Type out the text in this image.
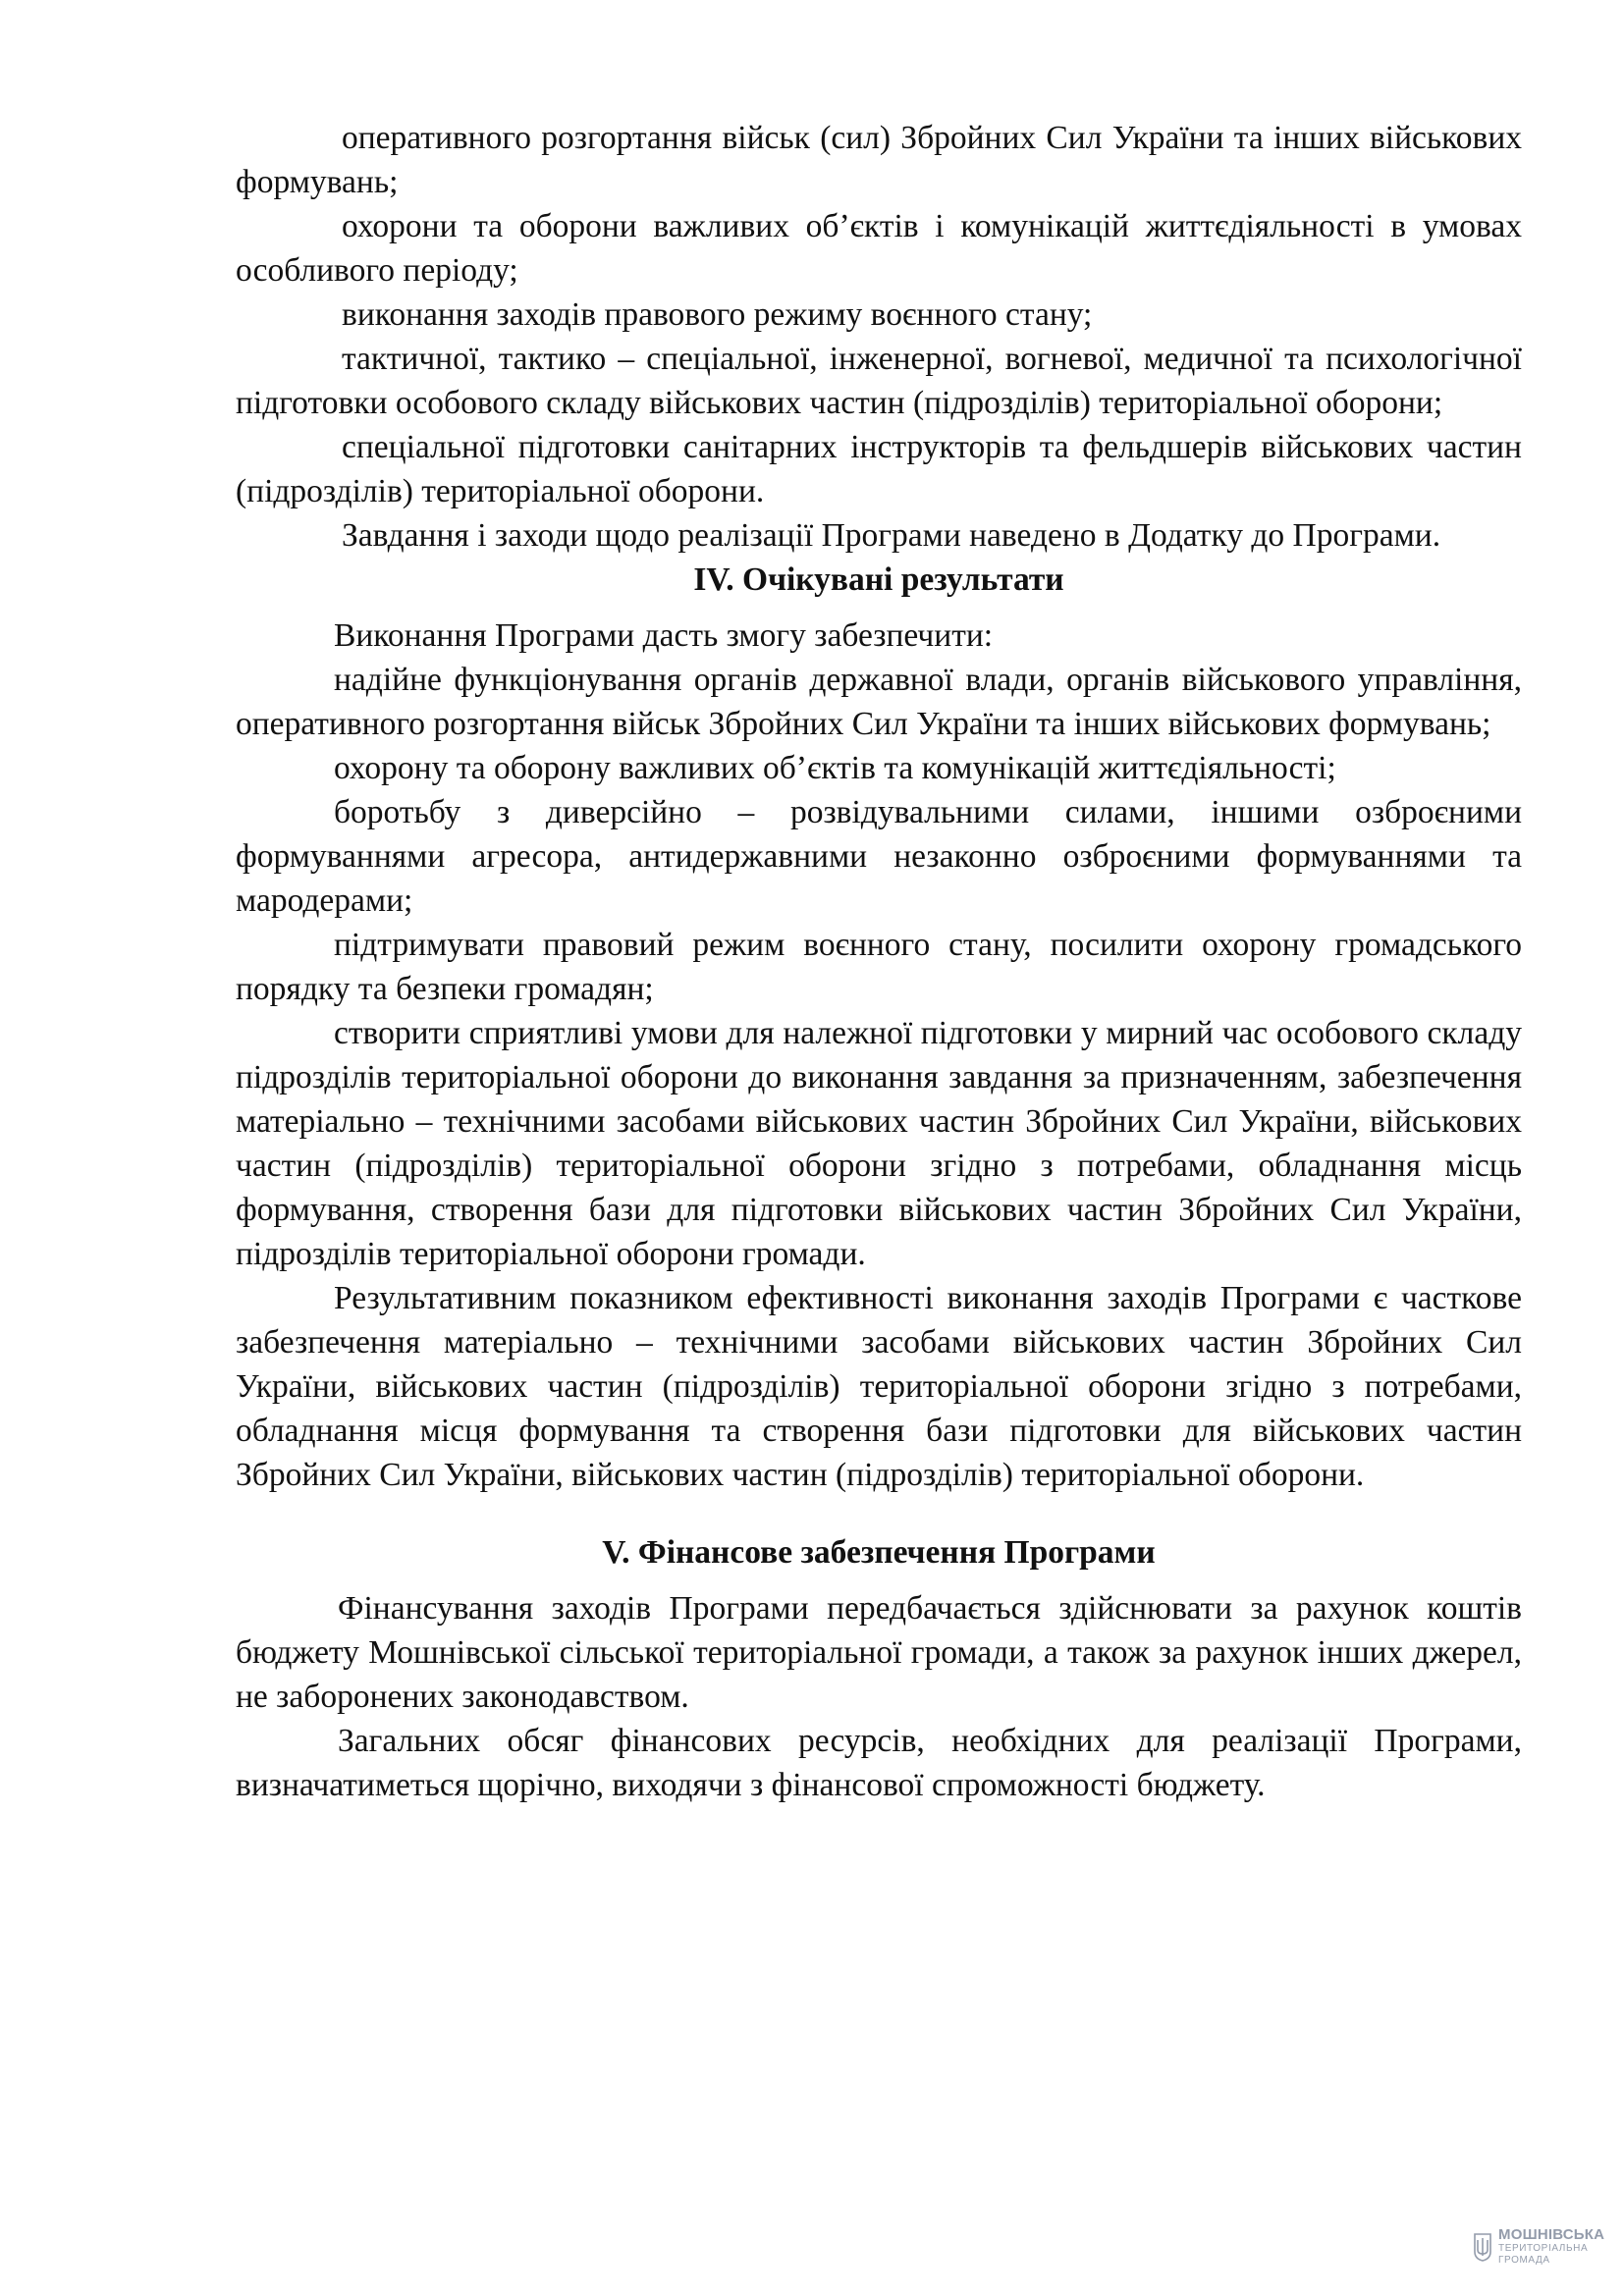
оперативного розгортання військ (сил) Збройних Сил України та інших військових формувань;

охорони та оборони важливих об’єктів і комунікацій життєдіяльності в умовах особливого періоду;

виконання заходів правового режиму воєнного стану;

тактичної, тактико – спеціальної, інженерної, вогневої, медичної та психологічної підготовки особового складу військових частин (підрозділів) територіальної оборони;

спеціальної підготовки санітарних інструкторів та фельдшерів військових частин (підрозділів) територіальної оборони.

Завдання і заходи щодо реалізації Програми наведено в Додатку до Програми.

IV. Очікувані результати

Виконання Програми дасть змогу забезпечити:

надійне функціонування органів державної влади, органів військового управління, оперативного розгортання військ Збройних Сил України та інших військових формувань;

охорону та оборону важливих об’єктів та комунікацій життєдіяльності;

боротьбу з диверсійно – розвідувальними силами, іншими озброєними формуваннями агресора, антидержавними незаконно озброєними формуваннями та мародерами;

підтримувати правовий режим воєнного стану, посилити охорону громадського порядку та безпеки громадян;

створити сприятливі умови для належної підготовки у мирний час особового складу підрозділів територіальної оборони до виконання завдання за призначенням, забезпечення матеріально – технічними засобами військових частин Збройних Сил України, військових частин (підрозділів) територіальної оборони згідно з потребами, обладнання місць формування, створення бази для підготовки військових частин Збройних Сил України, підрозділів територіальної оборони громади.

Результативним показником ефективності виконання заходів Програми є часткове забезпечення матеріально – технічними засобами військових частин Збройних Сил України, військових частин (підрозділів) територіальної оборони згідно з потребами, обладнання місця формування та створення бази підготовки для військових частин Збройних Сил України, військових частин (підрозділів) територіальної оборони.

V. Фінансове забезпечення Програми

Фінансування заходів Програми передбачається здійснювати за рахунок коштів бюджету Мошнівської сільської територіальної громади, а також за рахунок інших джерел, не заборонених законодавством.

Загальних обсяг фінансових ресурсів, необхідних для реалізації Програми, визначатиметься щорічно, виходячи з фінансової спроможності бюджету.

МОШНІВСЬКА
ТЕРИТОРІАЛЬНА
ГРОМАДА
